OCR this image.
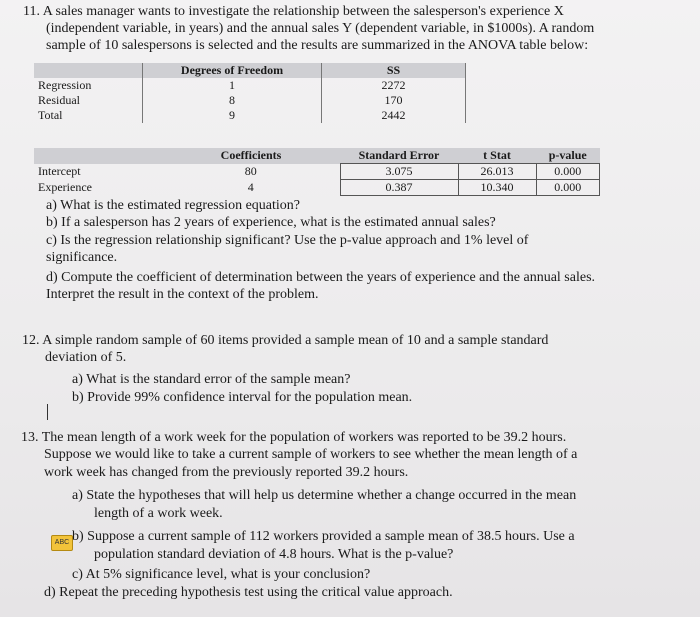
11. A sales manager wants to investigate the relationship between the salesperson's experience X
(independent variable, in years) and the annual sales Y (dependent variable, in $1000s). A random
sample of 10 salespersons is selected and the results are summarized in the ANOVA table below:
	Degrees of Freedom	SS
Regression	1	2272
Residual	8	170
Total	9	2442
	Coefficients	Standard Error	t Stat	p-value
Intercept	80	3.075	26.013	0.000
Experience	4	0.387	10.340	0.000
a) What is the estimated regression equation?
b) If a salesperson has 2 years of experience, what is the estimated annual sales?
c) Is the regression relationship significant? Use the p-value approach and 1% level of
significance.
d) Compute the coefficient of determination between the years of experience and the annual sales.
Interpret the result in the context of the problem.
12. A simple random sample of 60 items provided a sample mean of 10 and a sample standard
deviation of 5.
a) What is the standard error of the sample mean?
b) Provide 99% confidence interval for the population mean.
13. The mean length of a work week for the population of workers was reported to be 39.2 hours.
Suppose we would like to take a current sample of workers to see whether the mean length of a
work week has changed from the previously reported 39.2 hours.
a) State the hypotheses that will help us determine whether a change occurred in the mean
length of a work week.
ABC b) Suppose a current sample of 112 workers provided a sample mean of 38.5 hours. Use a
population standard deviation of 4.8 hours. What is the p-value?
c) At 5% significance level, what is your conclusion?
d) Repeat the preceding hypothesis test using the critical value approach.
